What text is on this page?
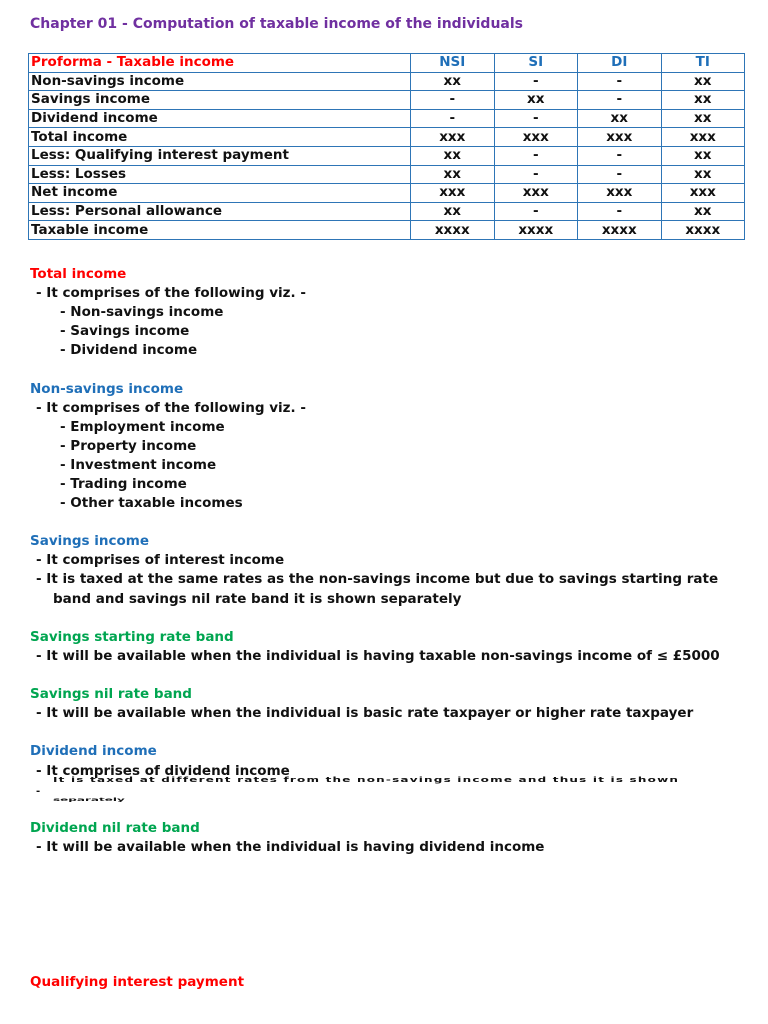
Chapter 01 - Computation of taxable income of the individuals
Proforma - Taxable income	NSI	SI	DI	TI
Non-savings income	xx	-	-	xx
Savings income	-	xx	-	xx
Dividend income	-	-	xx	xx
Total income	xxx	xxx	xxx	xxx
Less: Qualifying interest payment	xx	-	-	xx
Less: Losses	xx	-	-	xx
Net income	xxx	xxx	xxx	xxx
Less: Personal allowance	xx	-	-	xx
Taxable income	xxxx	xxxx	xxxx	xxxx
Total income
- It comprises of the following viz. -
- Non-savings income
- Savings income
- Dividend income
Non-savings income
- It comprises of the following viz. -
- Employment income
- Property income
- Investment income
- Trading income
- Other taxable incomes
Savings income
- It comprises of interest income
- It is taxed at the same rates as the non-savings income but due to savings starting rate
band and savings nil rate band it is shown separately
Savings starting rate band
- It will be available when the individual is having taxable non-savings income of ≤ £5000
Savings nil rate band
- It will be available when the individual is basic rate taxpayer or higher rate taxpayer
Dividend income
- It comprises of dividend income
It is taxed at different rates from the non-savings income and thus it is shown
-
separately
Dividend nil rate band
- It will be available when the individual is having dividend income
Qualifying interest payment
